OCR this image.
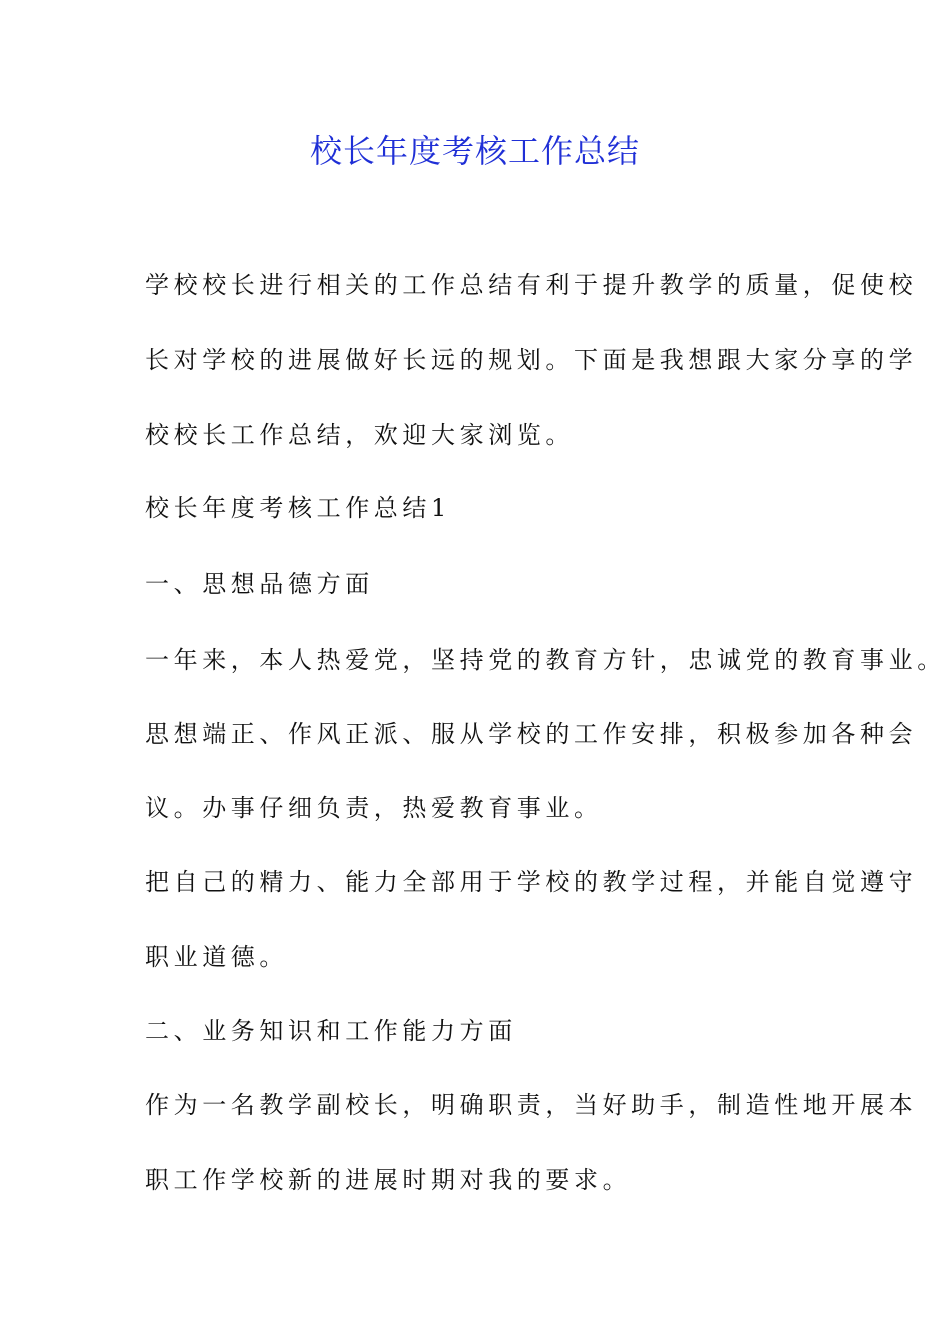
校长年度考核工作总结

学校校长进行相关的工作总结有利于提升教学的质量，促使校

长对学校的进展做好长远的规划。下面是我想跟大家分享的学

校校长工作总结，欢迎大家浏览。

校长年度考核工作总结1

一、思想品德方面

一年来，本人热爱党，坚持党的教育方针，忠诚党的教育事业。

思想端正、作风正派、服从学校的工作安排，积极参加各种会

议。办事仔细负责，热爱教育事业。

把自己的精力、能力全部用于学校的教学过程，并能自觉遵守

职业道德。

二、业务知识和工作能力方面

作为一名教学副校长，明确职责，当好助手，制造性地开展本

职工作学校新的进展时期对我的要求。
